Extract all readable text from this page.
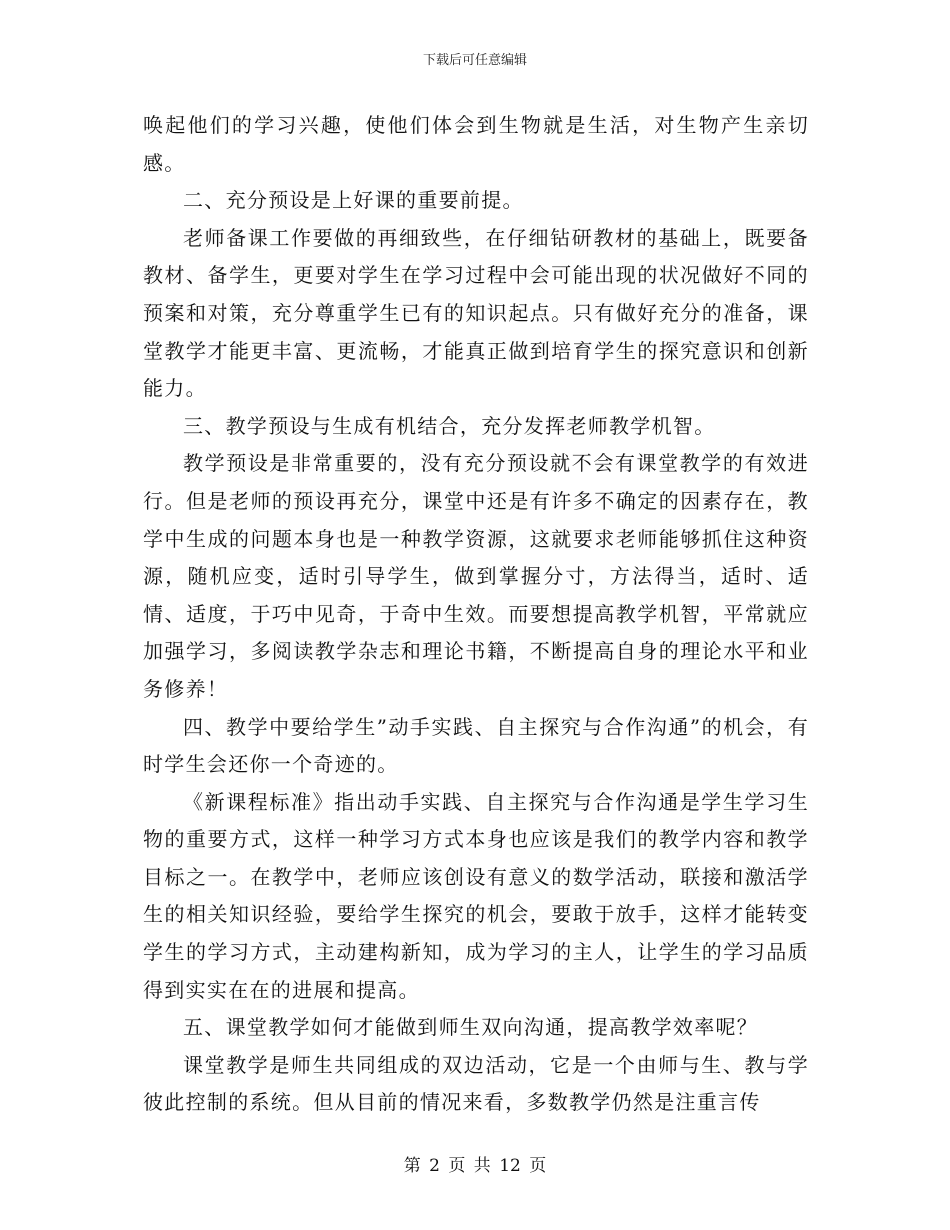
下载后可任意编辑

唤起他们的学习兴趣，使他们体会到生物就是生活，对生物产生亲切感。

二、充分预设是上好课的重要前提。

老师备课工作要做的再细致些，在仔细钻研教材的基础上，既要备教材、备学生，更要对学生在学习过程中会可能出现的状况做好不同的预案和对策，充分尊重学生已有的知识起点。只有做好充分的准备，课堂教学才能更丰富、更流畅，才能真正做到培育学生的探究意识和创新能力。

三、教学预设与生成有机结合，充分发挥老师教学机智。

教学预设是非常重要的，没有充分预设就不会有课堂教学的有效进行。但是老师的预设再充分，课堂中还是有许多不确定的因素存在，教学中生成的问题本身也是一种教学资源，这就要求老师能够抓住这种资源，随机应变，适时引导学生，做到掌握分寸，方法得当，适时、适情、适度，于巧中见奇，于奇中生效。而要想提高教学机智，平常就应加强学习，多阅读教学杂志和理论书籍，不断提高自身的理论水平和业务修养！

四、教学中要给学生”动手实践、自主探究与合作沟通”的机会，有时学生会还你一个奇迹的。

《新课程标准》指出动手实践、自主探究与合作沟通是学生学习生物的重要方式，这样一种学习方式本身也应该是我们的教学内容和教学目标之一。在教学中，老师应该创设有意义的数学活动，联接和激活学生的相关知识经验，要给学生探究的机会，要敢于放手，这样才能转变学生的学习方式，主动建构新知，成为学习的主人，让学生的学习品质得到实实在在的进展和提高。

五、课堂教学如何才能做到师生双向沟通，提高教学效率呢？

课堂教学是师生共同组成的双边活动，它是一个由师与生、教与学彼此控制的系统。但从目前的情况来看，多数教学仍然是注重言传

第 2 页 共 12 页
